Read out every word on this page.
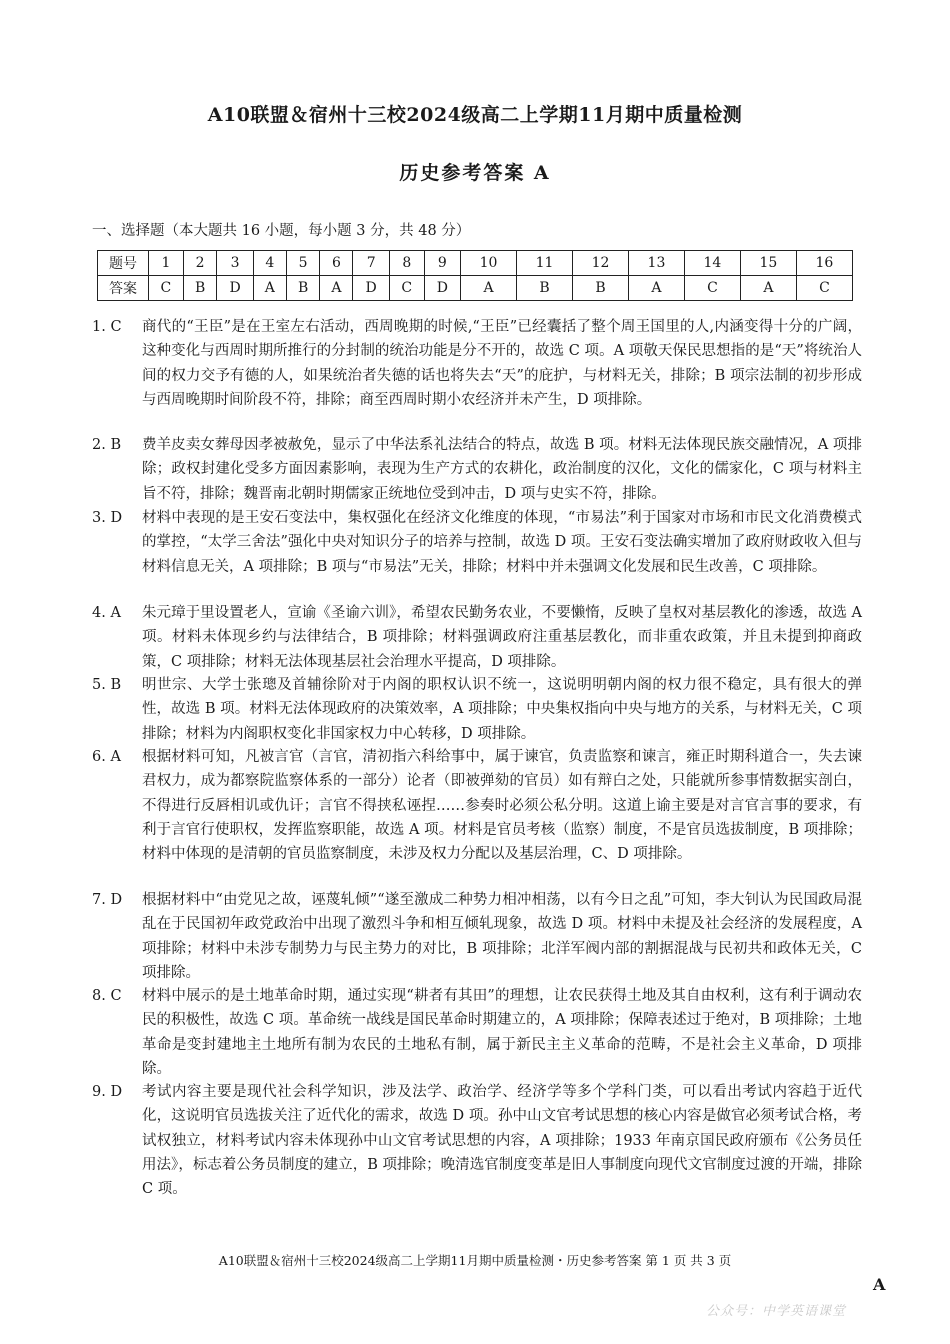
A10联盟＆宿州十三校2024级高二上学期11月期中质量检测
历史参考答案 A
一、选择题（本大题共 16 小题，每小题 3 分，共 48 分）
题号	1	2	3	4	5	6	7	8	9	10	11	12	13	14	15	16
答案	C	B	D	A	B	A	D	C	D	A	B	B	A	C	A	C
1. C	商代的“王臣”是在王室左右活动，西周晚期的时候,“王臣”已经囊括了整个周王国里的人,内涵变得十分的广阔，这种变化与西周时期所推行的分封制的统治功能是分不开的，故选 C 项。A 项敬天保民思想指的是“天”将统治人间的权力交予有德的人，如果统治者失德的话也将失去“天”的庇护，与材料无关，排除；B 项宗法制的初步形成与西周晚期时间阶段不符，排除；商至西周时期小农经济并未产生，D 项排除。
2. B	费羊皮卖女葬母因孝被赦免，显示了中华法系礼法结合的特点，故选 B 项。材料无法体现民族交融情况，A 项排除；政权封建化受多方面因素影响，表现为生产方式的农耕化，政治制度的汉化，文化的儒家化，C 项与材料主旨不符，排除；魏晋南北朝时期儒家正统地位受到冲击，D 项与史实不符，排除。
3. D	材料中表现的是王安石变法中，集权强化在经济文化维度的体现，“市易法”利于国家对市场和市民文化消费模式的掌控，“太学三舍法”强化中央对知识分子的培养与控制，故选 D 项。王安石变法确实增加了政府财政收入但与材料信息无关，A 项排除；B 项与“市易法”无关，排除；材料中并未强调文化发展和民生改善，C 项排除。
4. A	朱元璋于里设置老人，宣谕《圣谕六训》，希望农民勤务农业，不要懒惰，反映了皇权对基层教化的渗透，故选 A 项。材料未体现乡约与法律结合，B 项排除；材料强调政府注重基层教化，而非重农政策，并且未提到抑商政策，C 项排除；材料无法体现基层社会治理水平提高，D 项排除。
5. B	明世宗、大学士张璁及首辅徐阶对于内阁的职权认识不统一，这说明明朝内阁的权力很不稳定，具有很大的弹性，故选 B 项。材料无法体现政府的决策效率，A 项排除；中央集权指向中央与地方的关系，与材料无关，C 项排除；材料为内阁职权变化非国家权力中心转移，D 项排除。
6. A	根据材料可知，凡被言官（言官，清初指六科给事中，属于谏官，负责监察和谏言，雍正时期科道合一，失去谏君权力，成为都察院监察体系的一部分）论者（即被弹劾的官员）如有辩白之处，只能就所参事情数据实剖白，不得进行反唇相讥或仇讦；言官不得挟私诬捏……参奏时必须公私分明。这道上谕主要是对言官言事的要求，有利于言官行使职权，发挥监察职能，故选 A 项。材料是官员考核（监察）制度，不是官员选拔制度，B 项排除；材料中体现的是清朝的官员监察制度，未涉及权力分配以及基层治理，C、D 项排除。
7. D	根据材料中“由党见之故，诬蔑轧倾”“遂至激成二种势力相冲相荡，以有今日之乱”可知，李大钊认为民国政局混乱在于民国初年政党政治中出现了激烈斗争和相互倾轧现象，故选 D 项。材料中未提及社会经济的发展程度，A 项排除；材料中未涉专制势力与民主势力的对比，B 项排除；北洋军阀内部的割据混战与民初共和政体无关，C 项排除。
8. C	材料中展示的是土地革命时期，通过实现“耕者有其田”的理想，让农民获得土地及其自由权利，这有利于调动农民的积极性，故选 C 项。革命统一战线是国民革命时期建立的，A 项排除；保障表述过于绝对，B 项排除；土地革命是变封建地主土地所有制为农民的土地私有制，属于新民主主义革命的范畴，不是社会主义革命，D 项排除。
9. D	考试内容主要是现代社会科学知识，涉及法学、政治学、经济学等多个学科门类，可以看出考试内容趋于近代化，这说明官员选拔关注了近代化的需求，故选 D 项。孙中山文官考试思想的核心内容是做官必须考试合格，考试权独立，材料考试内容未体现孙中山文官考试思想的内容，A 项排除；1933 年南京国民政府颁布《公务员任用法》，标志着公务员制度的建立，B 项排除；晚清选官制度变革是旧人事制度向现代文官制度过渡的开端，排除 C 项。
A10联盟＆宿州十三校2024级高二上学期11月期中质量检测・历史参考答案 第 1 页 共 3 页
A
公众号：中学英语课堂
